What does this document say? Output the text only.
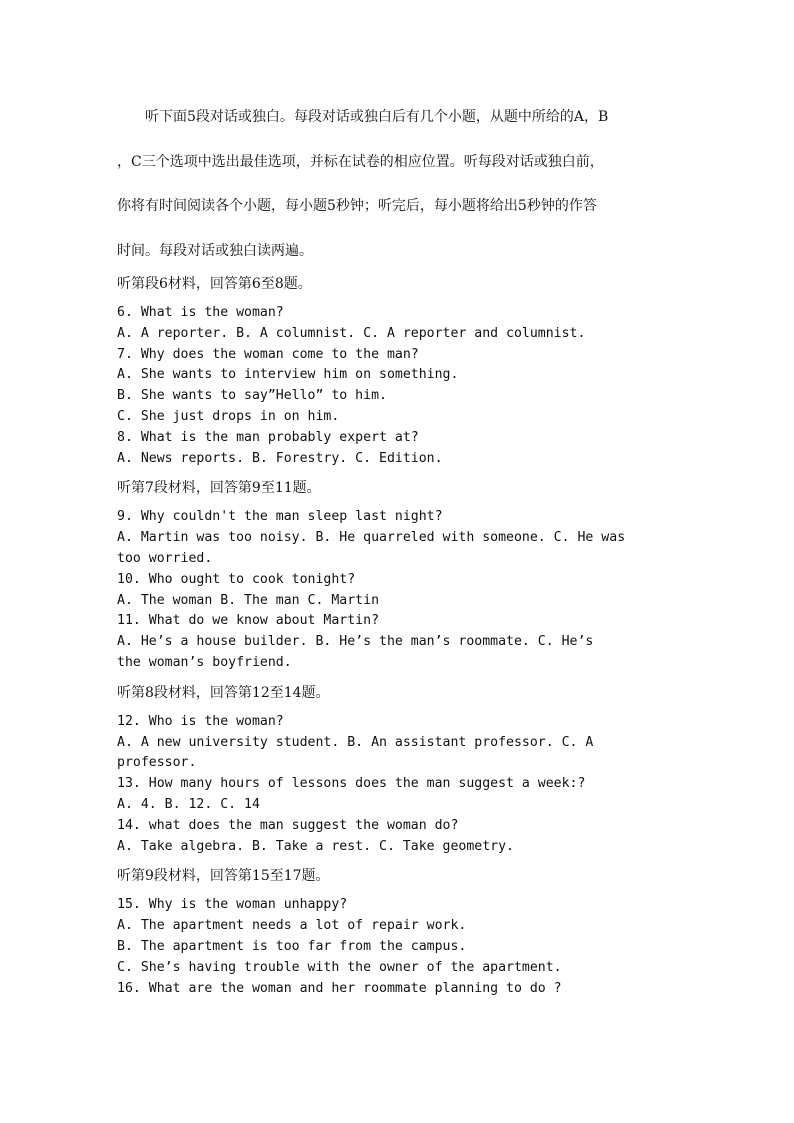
听下面5段对话或独白。每段对话或独白后有几个小题，从题中所给的A，B
，C三个选项中选出最佳选项，并标在试卷的相应位置。听每段对话或独白前，
你将有时间阅读各个小题，每小题5秒钟；听完后，每小题将给出5秒钟的作答
时间。每段对话或独白读两遍。
听第段6材料，回答第6至8题。
6. What is the woman?
A. A reporter. B. A columnist. C. A reporter and columnist.
7. Why does the woman come to the man?
A. She wants to interview him on something.
B. She wants to say”Hello” to him.
C. She just drops in on him.
8. What is the man probably expert at?
A. News reports. B. Forestry. C. Edition.
听第7段材料，回答第9至11题。
9. Why couldn't the man sleep last night?
A. Martin was too noisy. B. He quarreled with someone. C. He was
too worried.
10. Who ought to cook tonight?
A. The woman B. The man C. Martin
11. What do we know about Martin?
A. He’s a house builder. B. He’s the man’s roommate. C. He’s
the woman’s boyfriend.
听第8段材料，回答第12至14题。
12. Who is the woman?
A. A new university student. B. An assistant professor. C. A
professor.
13. How many hours of lessons does the man suggest a week:?
A. 4. B. 12. C. 14
14. what does the man suggest the woman do?
A. Take algebra. B. Take a rest. C. Take geometry.
听第9段材料，回答第15至17题。
15. Why is the woman unhappy?
A. The apartment needs a lot of repair work.
B. The apartment is too far from the campus.
C. She’s having trouble with the owner of the apartment.
16. What are the woman and her roommate planning to do ?
